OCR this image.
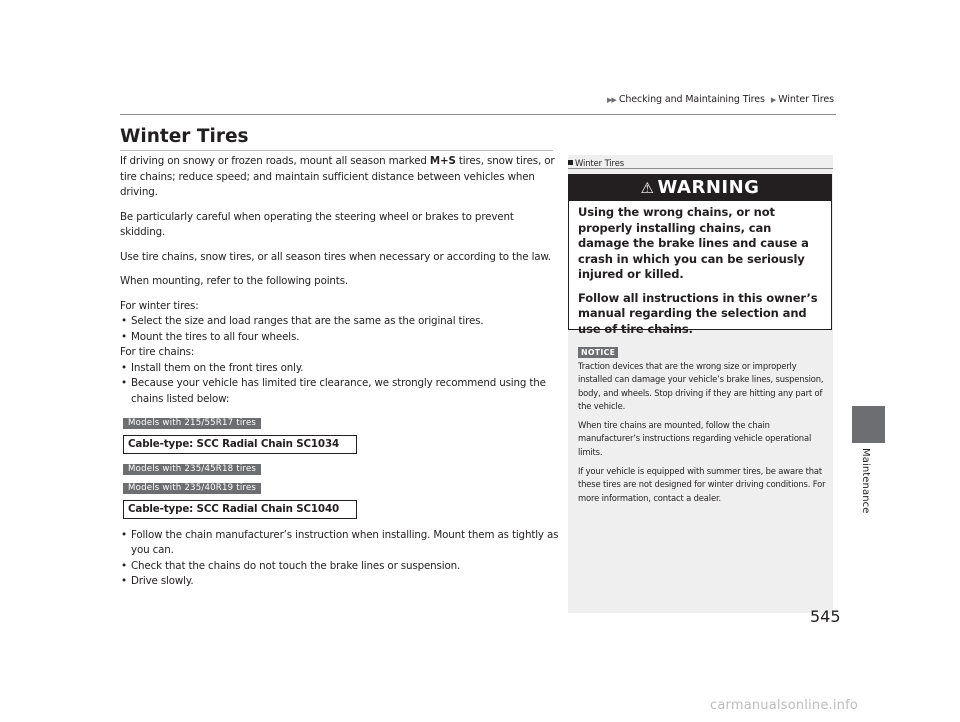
▶▶ Checking and Maintaining Tires ▶ Winter Tires
Maintenance
Winter Tires

If driving on snowy or frozen roads, mount all season marked M+S tires, snow tires, or tire chains; reduce speed; and maintain sufficient distance between vehicles when driving.

Be particularly careful when operating the steering wheel or brakes to prevent skidding.

Use tire chains, snow tires, or all season tires when necessary or according to the law.

When mounting, refer to the following points.

For winter tires:
• Select the size and load ranges that are the same as the original tires.
• Mount the tires to all four wheels.
For tire chains:
• Install them on the front tires only.
• Because your vehicle has limited tire clearance, we strongly recommend using the chains listed below:
Models with 215/55R17 tires
Cable-type: SCC Radial Chain SC1034
Models with 235/45R18 tires
Models with 235/40R19 tires
Cable-type: SCC Radial Chain SC1040
• Follow the chain manufacturer’s instruction when installing. Mount them as tightly as you can.
• Check that the chains do not touch the brake lines or suspension.
• Drive slowly.
Winter Tires
⚠ WARNING

Using the wrong chains, or not properly installing chains, can damage the brake lines and cause a crash in which you can be seriously injured or killed.

Follow all instructions in this owner’s manual regarding the selection and use of tire chains.

NOTICE

Traction devices that are the wrong size or improperly installed can damage your vehicle’s brake lines, suspension, body, and wheels. Stop driving if they are hitting any part of the vehicle.

When tire chains are mounted, follow the chain manufacturer’s instructions regarding vehicle operational limits.

If your vehicle is equipped with summer tires, be aware that these tires are not designed for winter driving conditions. For more information, contact a dealer.

545
carmanualsonline.info
